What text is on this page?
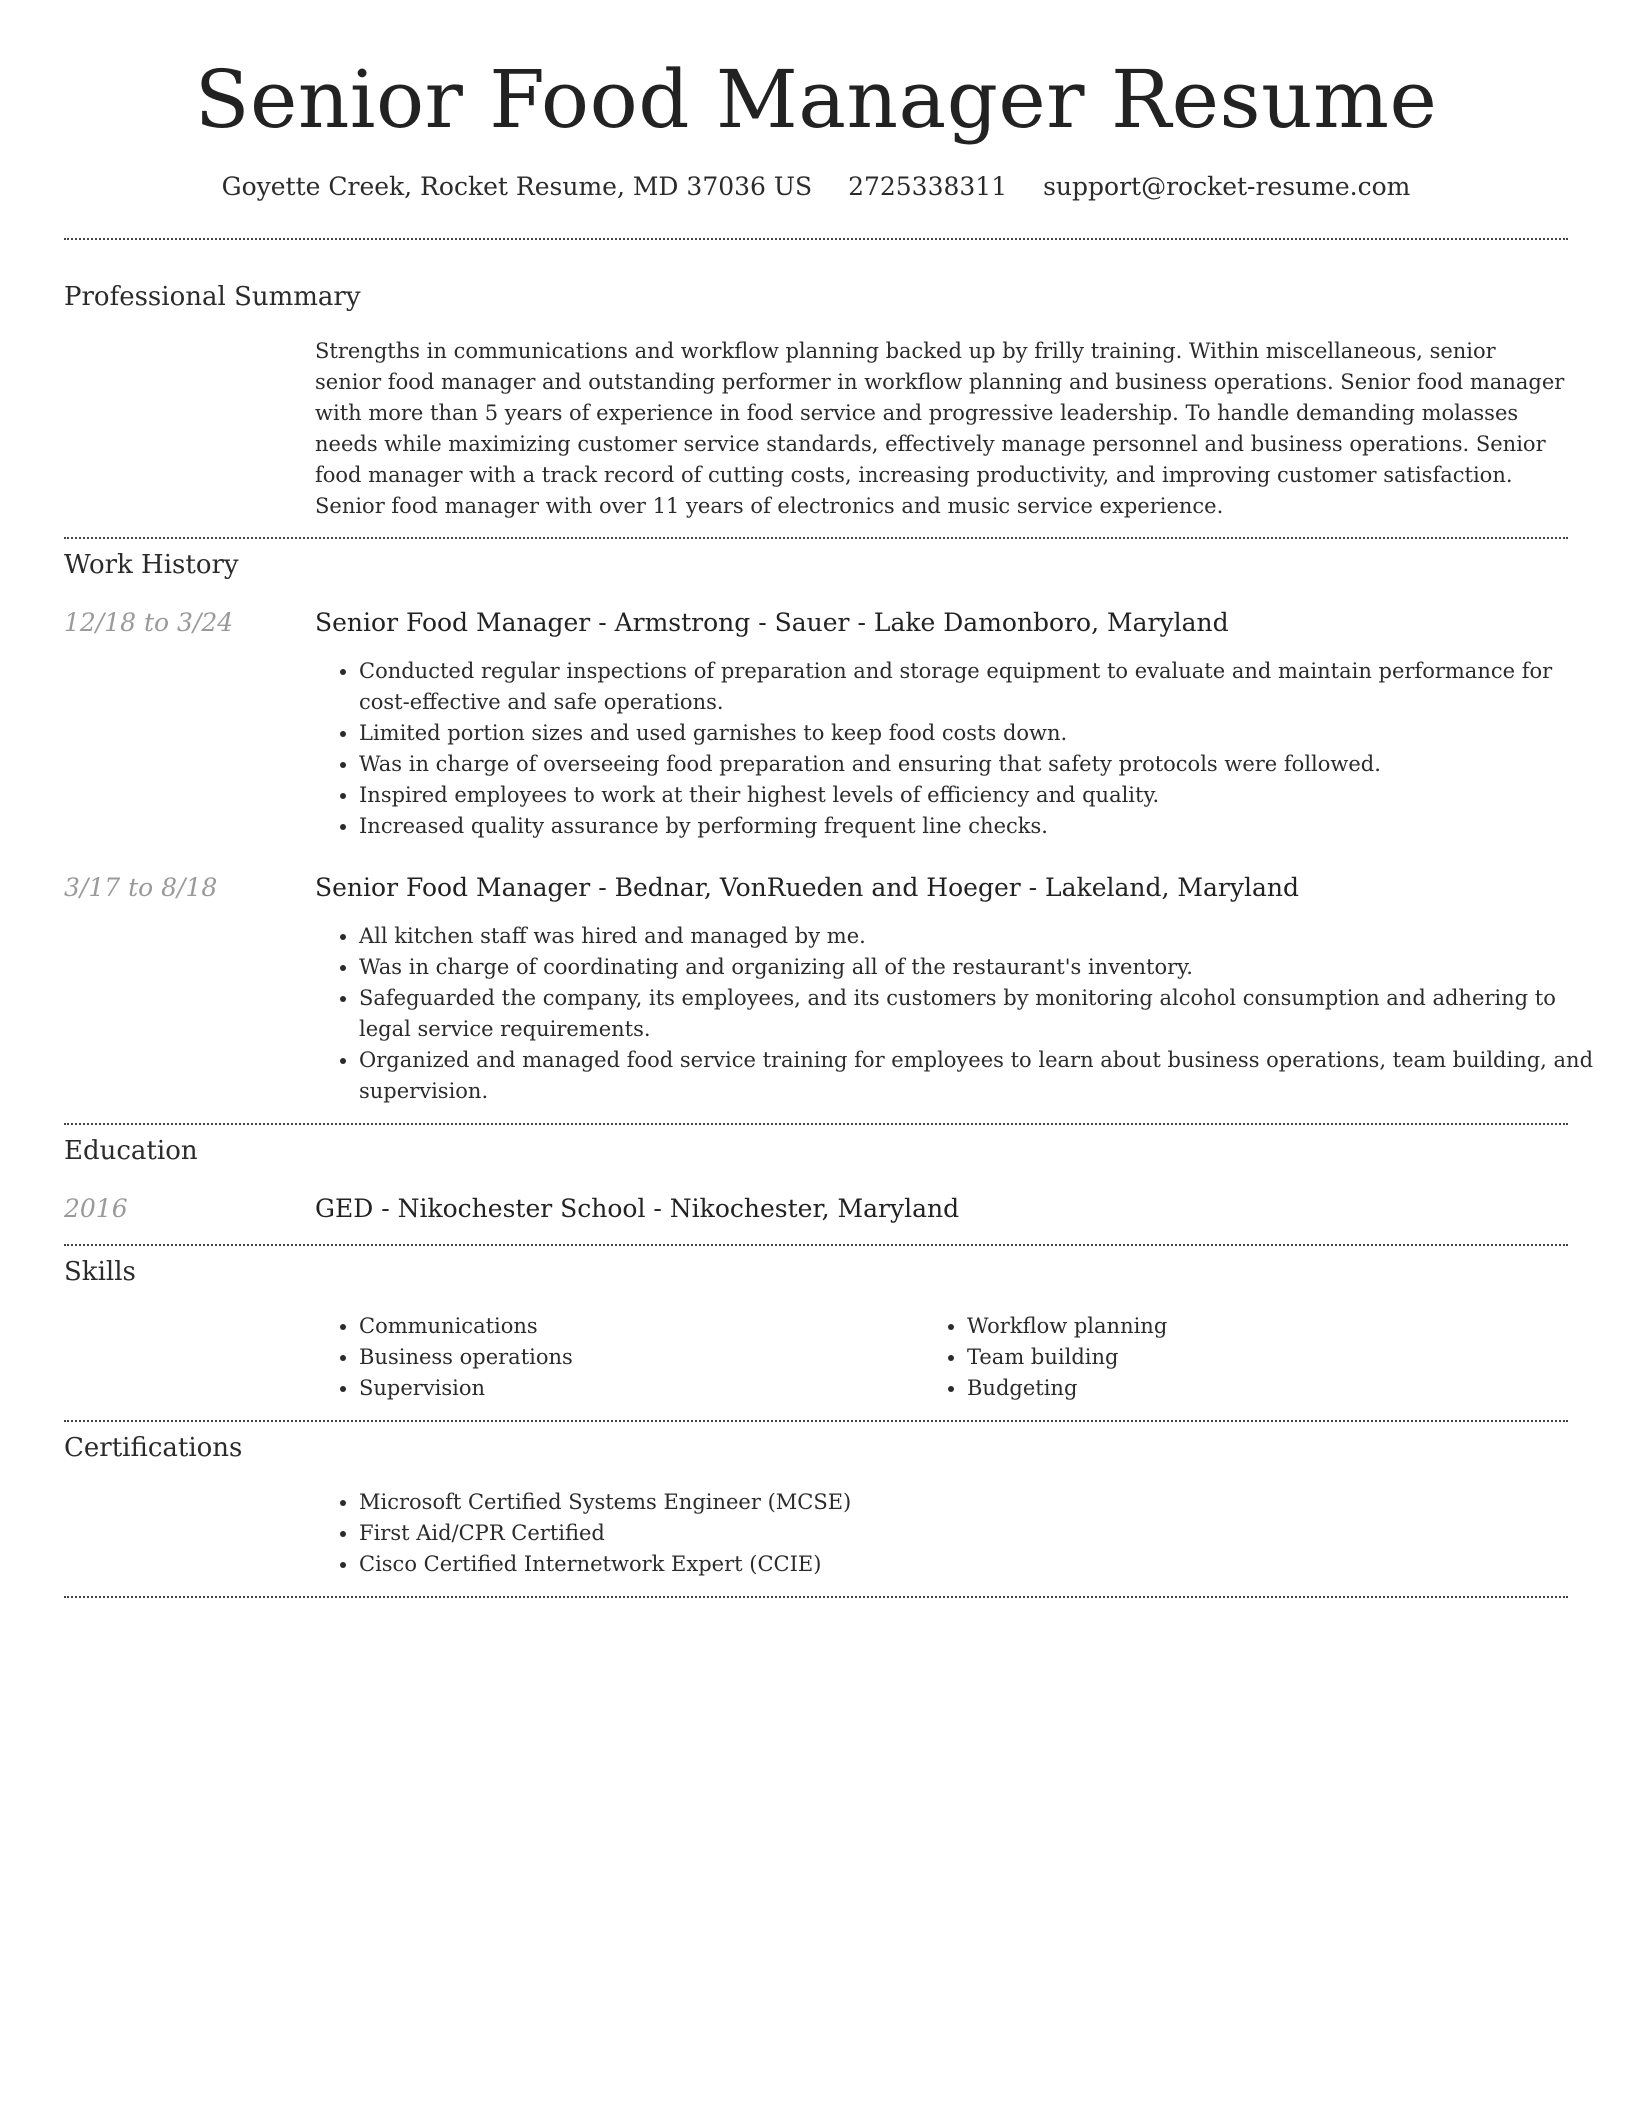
Senior Food Manager Resume
Goyette Creek, Rocket Resume, MD 37036 US 2725338311 support@rocket-resume.com
Professional Summary

Strengths in communications and workflow planning backed up by frilly training. Within miscellaneous, senior senior food manager and outstanding performer in workflow planning and business operations. Senior food manager with more than 5 years of experience in food service and progressive leadership. To handle demanding molasses needs while maximizing customer service standards, effectively manage personnel and business operations. Senior food manager with a track record of cutting costs, increasing productivity, and improving customer satisfaction. Senior food manager with over 11 years of electronics and music service experience.

Work History
12/18 to 3/24	Senior Food Manager - Armstrong - Sauer - Lake Damonboro, Maryland
• Conducted regular inspections of preparation and storage equipment to evaluate and maintain performance for cost-effective and safe operations.
• Limited portion sizes and used garnishes to keep food costs down.
• Was in charge of overseeing food preparation and ensuring that safety protocols were followed.
• Inspired employees to work at their highest levels of efficiency and quality.
• Increased quality assurance by performing frequent line checks.
3/17 to 8/18	Senior Food Manager - Bednar, VonRueden and Hoeger - Lakeland, Maryland
• All kitchen staff was hired and managed by me.
• Was in charge of coordinating and organizing all of the restaurant's inventory.
• Safeguarded the company, its employees, and its customers by monitoring alcohol consumption and adhering to legal service requirements.
• Organized and managed food service training for employees to learn about business operations, team building, and supervision.
Education
2016	GED - Nikochester School - Nikochester, Maryland
Skills
• Communications
• Business operations
• Supervision
• Workflow planning
• Team building
• Budgeting
Certifications
• Microsoft Certified Systems Engineer (MCSE)
• First Aid/CPR Certified
• Cisco Certified Internetwork Expert (CCIE)
